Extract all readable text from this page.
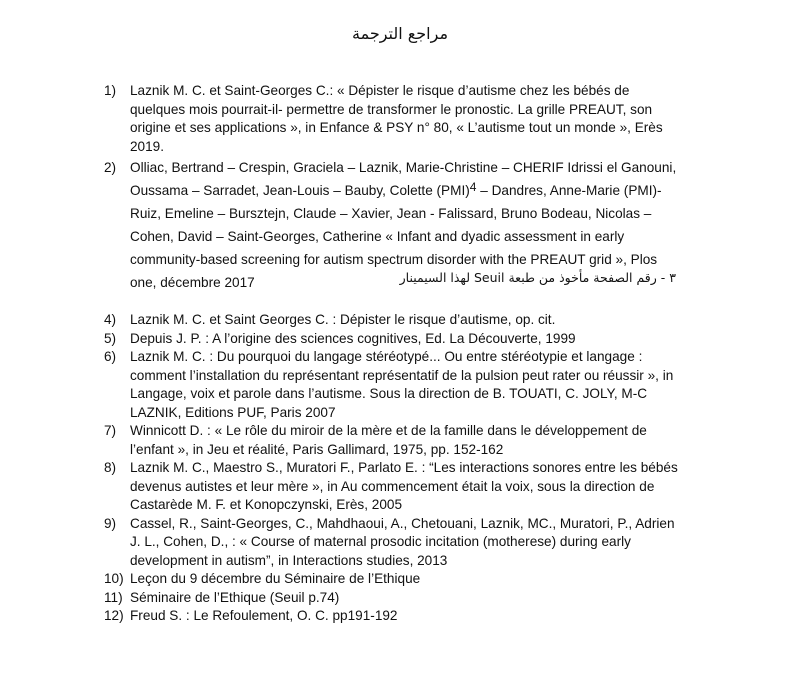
مراجع الترجمة
1)	Laznik M. C. et Saint-Georges C.: « Dépister le risque d’autisme chez les bébés de quelques mois pourrait-il- permettre de transformer le pronostic. La grille PREAUT, son origine et ses applications », in Enfance & PSY n° 80, « L’autisme tout un monde », Erès 2019.
2)	Olliac, Bertrand – Crespin, Graciela – Laznik, Marie-Christine – CHERIF Idrissi el Ganouni, Oussama – Sarradet, Jean-Louis – Bauby, Colette (PMI)$^4$ – Dandres, Anne-Marie (PMI)-Ruiz, Emeline – Bursztejn, Claude – Xavier, Jean - Falissard, Bruno Bodeau, Nicolas – Cohen, David – Saint-Georges, Catherine « Infant and dyadic assessment in early community-based screening for autism spectrum disorder with the PREAUT grid », Plos one, décembre 2017	٣ - رقم الصفحة مأخوذ من طبعة Seuil لهذا السيمينار
4)	Laznik M. C. et Saint Georges C. : Dépister le risque d’autisme, op. cit.
5)	Depuis J. P. : A l’origine des sciences cognitives, Ed. La Découverte, 1999
6)	Laznik M. C. : Du pourquoi du langage stéréotypé... Ou entre stéréotypie et langage : comment l’installation du représentant représentatif de la pulsion peut rater ou réussir », in Langage, voix et parole dans l’autisme. Sous la direction de B. TOUATI, C. JOLY, M-C LAZNIK, Editions PUF, Paris 2007
7)	Winnicott D. : « Le rôle du miroir de la mère et de la famille dans le développement de l’enfant », in Jeu et réalité, Paris Gallimard, 1975, pp. 152-162
8)	Laznik M. C., Maestro S., Muratori F., Parlato E. : “Les interactions sonores entre les bébés devenus autistes et leur mère », in Au commencement était la voix, sous la direction de Castarède M. F. et Konopczynski, Erès, 2005
9)	Cassel, R., Saint-Georges, C., Mahdhaoui, A., Chetouani, Laznik, MC., Muratori, P., Adrien J. L., Cohen, D., : « Course of maternal prosodic incitation (motherese) during early development in autism”, in Interactions studies, 2013
10) Leçon du 9 décembre du Séminaire de l’Ethique
11) Séminaire de l’Ethique (Seuil p.74)
12) Freud S. : Le Refoulement, O. C. pp191-192
